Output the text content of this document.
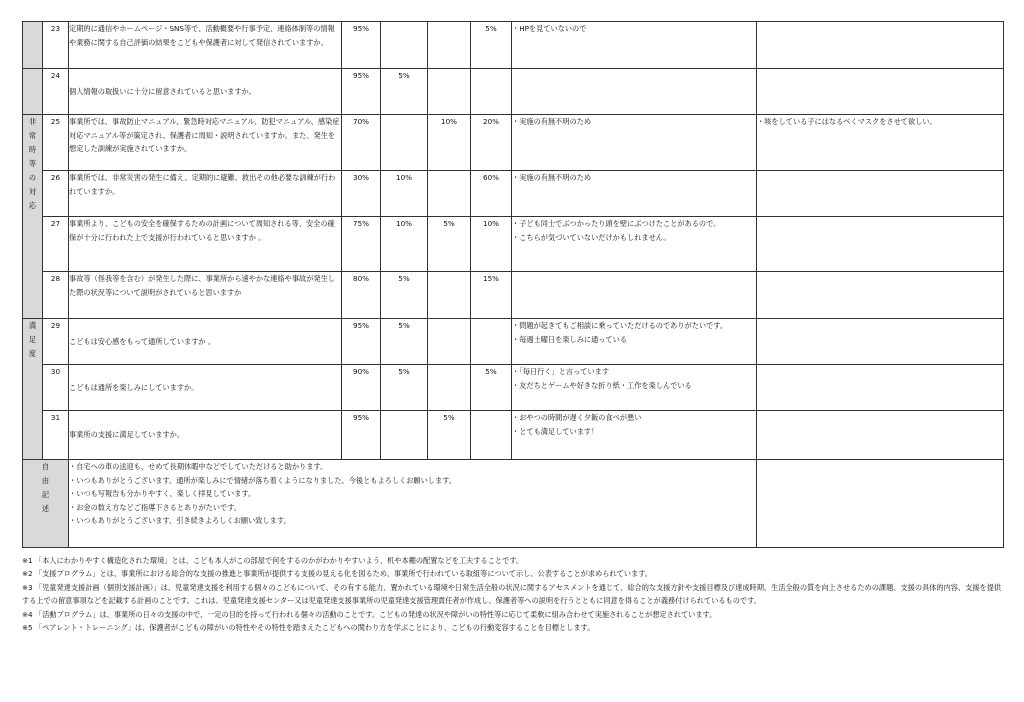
	23	定期的に通信やホームページ・SNS等で、活動概要や行事予定、連絡体制等の情報や業務に関する自己評価の結果をこどもや保護者に対して発信されていますか。	95%			5%	・HPを見ていないので	

	24	個人情報の取扱いに十分に留意されていると思いますか。	95%	5%				
非常時等の対応	25	事業所では、事故防止マニュアル、緊急時対応マニュアル、防犯マニュアル、感染症対応マニュアル等が策定され、保護者に周知・説明されていますか。また、発生を想定した訓練が実施されていますか。	70%		10%	20%	・実施の有無不明のため	・咳をしている子にはなるべくマスクをさせて欲しい。
	26	事業所では、非常災害の発生に備え、定期的に避難、救出その他必要な訓練が行われていますか。	30%	10%		60%	・実施の有無不明のため	

	27	事業所より、こどもの安全を確保するための計画について周知される等、安全の確保が十分に行われた上で支援が行われていると思いますか 。	75%	10%	5%	10%	・子ども同士でぶつかったり頭を壁にぶつけたことがあるので。
・こちらが気づいていないだけかもしれません。	

	28	事故等（怪我等を含む）が発生した際に、事業所から速やかな連絡や事故が発生した際の状況等について説明がされていると思いますか	80%	5%		15%		
満足度	29	こどもは安心感をもって通所していますか 。	95%	5%			・問題が起きてもご相談に乗っていただけるのでありがたいです。
・毎週土曜日を楽しみに通っている	

	30	こどもは通所を楽しみにしていますか。	90%	5%		5%	・「毎日行く」と言っています
・友だちとゲームや好きな折り紙・工作を楽しんでいる	

	31	事業所の支援に満足していますか。	95%		5%		・おやつの時間が遅く夕飯の食べが悪い
・とても満足しています！	

自由記述		・自宅への車の送迎も、せめて長期休暇中などでしていただけると助かります。
・いつもありがとうございます。通所が楽しみにで情緒が落ち着くようになりました。今後ともよろしくお願いします。
・いつも写報告も分かりやすく、楽しく拝見しています。
・お金の数え方などご指導下さるとありがたいです。
・いつもありがとうございます、引き続きよろしくお願い致します。						

※1 「本人にわかりやすく構造化された環境」とは、こども本人がこの部屋で何をするのかがわかりやすいよう、机や本棚の配置などを工夫することです。

※2 「支援プログラム」とは、事業所における総合的な支援の推進と事業所が提供する支援の見える化を図るため、事業所で行われている取組等について示し、公表することが求められています。

※3 「児童発達支援計画（個別支援計画）」は、児童発達支援を利用する個々のこどもについて、その有する能力、置かれている環境や日常生活全般の状況に関するアセスメントを通じて、総合的な支援方針や支援目標及び達成時期、生活全般の質を向上させるための課題、支援の具体的内容、支援を提供する上での留意事項などを記載する計画のことです。これは、児童発達支援センター又は児童発達支援事業所の児童発達支援管理責任者が作成し、保護者等への説明を行うとともに同意を得ることが義務付けられているものです。

※4 「活動プログラム」は、事業所の日々の支援の中で、一定の目的を持って行われる個々の活動のことです。こどもの発達の状況や障がいの特性等に応じて柔軟に組み合わせて実施されることが想定されています。

※5 「ペアレント・トレーニング」は、保護者がこどもの障がいの特性やその特性を踏まえたこどもへの関わり方を学ぶことにより、こどもの行動変容することを目標とします。
